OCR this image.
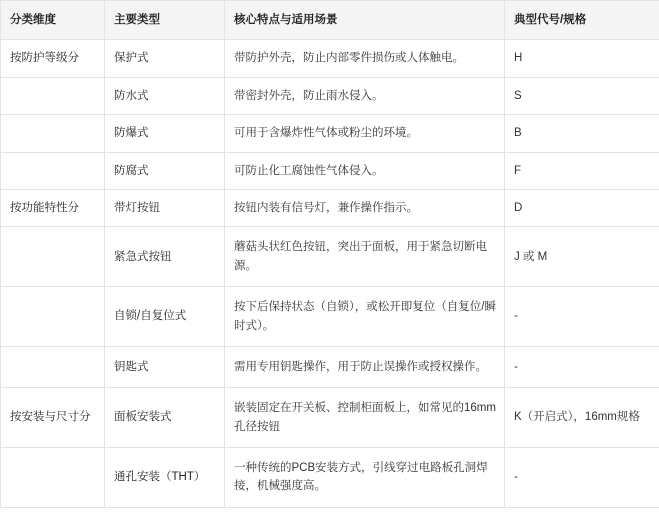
分类维度	主要类型	核心特点与适用场景	典型代号/规格
按防护等级分	保护式	带防护外壳，防止内部零件损伤或人体触电。	H
	防水式	带密封外壳，防止雨水侵入。	S
	防爆式	可用于含爆炸性气体或粉尘的环境。	B
	防腐式	可防止化工腐蚀性气体侵入。	F
按功能特性分	带灯按钮	按钮内装有信号灯，兼作操作指示。	D
	紧急式按钮	蘑菇头状红色按钮，突出于面板，用于紧急切断电源。	J 或 M
	自锁/自复位式	按下后保持状态（自锁），或松开即复位（自复位/瞬时式）。	-
	钥匙式	需用专用钥匙操作，用于防止误操作或授权操作。	-
按安装与尺寸分	面板安装式	嵌装固定在开关板、控制柜面板上，如常见的16mm孔径按钮	K（开启式），16mm规格
	通孔安装（THT）	一种传统的PCB安装方式，引线穿过电路板孔洞焊接，机械强度高。	-
